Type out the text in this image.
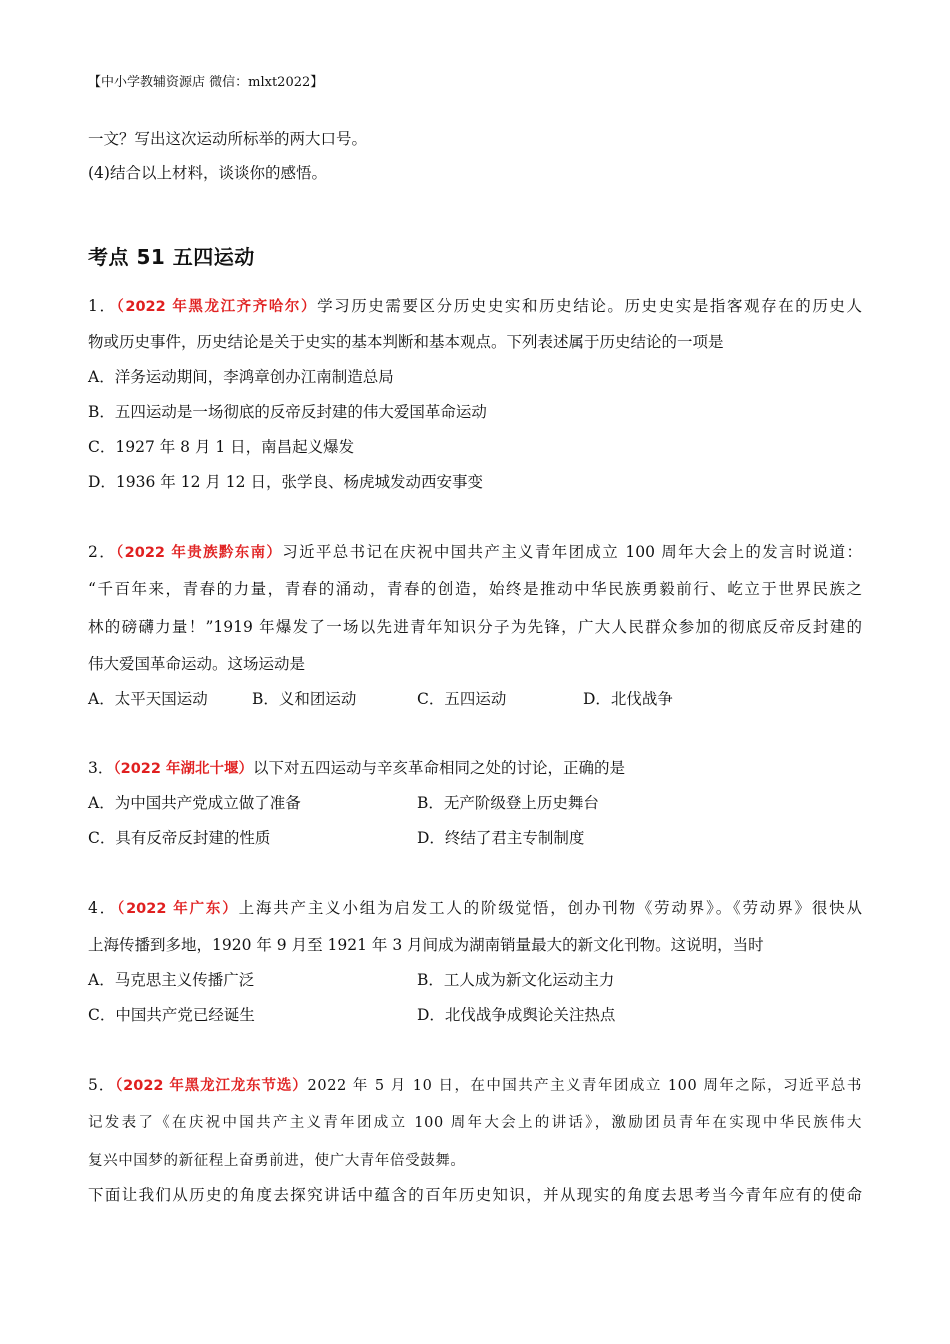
【中小学教辅资源店 微信：mlxt2022】
一文？写出这次运动所标举的两大口号。
(4)结合以上材料，谈谈你的感悟。
考点 51 五四运动
1．（2022 年黑龙江齐齐哈尔）学习历史需要区分历史史实和历史结论。历史史实是指客观存在的历史人
物或历史事件，历史结论是关于史实的基本判断和基本观点。下列表述属于历史结论的一项是
A．洋务运动期间，李鸿章创办江南制造总局
B．五四运动是一场彻底的反帝反封建的伟大爱国革命运动
C．1927 年 8 月 1 日，南昌起义爆发
D．1936 年 12 月 12 日，张学良、杨虎城发动西安事变
2．（2022 年贵族黔东南）习近平总书记在庆祝中国共产主义青年团成立 100 周年大会上的发言时说道：
“千百年来，青春的力量，青春的涌动，青春的创造，始终是推动中华民族勇毅前行、屹立于世界民族之
林的磅礴力量！”1919 年爆发了一场以先进青年知识分子为先锋，广大人民群众参加的彻底反帝反封建的
伟大爱国革命运动。这场运动是
A．太平天国运动	B．义和团运动	C．五四运动	D．北伐战争
3．（2022 年湖北十堰）以下对五四运动与辛亥革命相同之处的讨论，正确的是
A．为中国共产党成立做了准备	B．无产阶级登上历史舞台
C．具有反帝反封建的性质	D．终结了君主专制制度
4．（2022 年广东）上海共产主义小组为启发工人的阶级觉悟，创办刊物《劳动界》。《劳动界》很快从
上海传播到多地，1920 年 9 月至 1921 年 3 月间成为湖南销量最大的新文化刊物。这说明，当时
A．马克思主义传播广泛	B．工人成为新文化运动主力
C．中国共产党已经诞生	D．北伐战争成舆论关注热点
5．（2022 年黑龙江龙东节选）2022 年 5 月 10 日，在中国共产主义青年团成立 100 周年之际，习近平总书
记发表了《在庆祝中国共产主义青年团成立 100 周年大会上的讲话》，激励团员青年在实现中华民族伟大
复兴中国梦的新征程上奋勇前进，使广大青年倍受鼓舞。
下面让我们从历史的角度去探究讲话中蕴含的百年历史知识，并从现实的角度去思考当今青年应有的使命
